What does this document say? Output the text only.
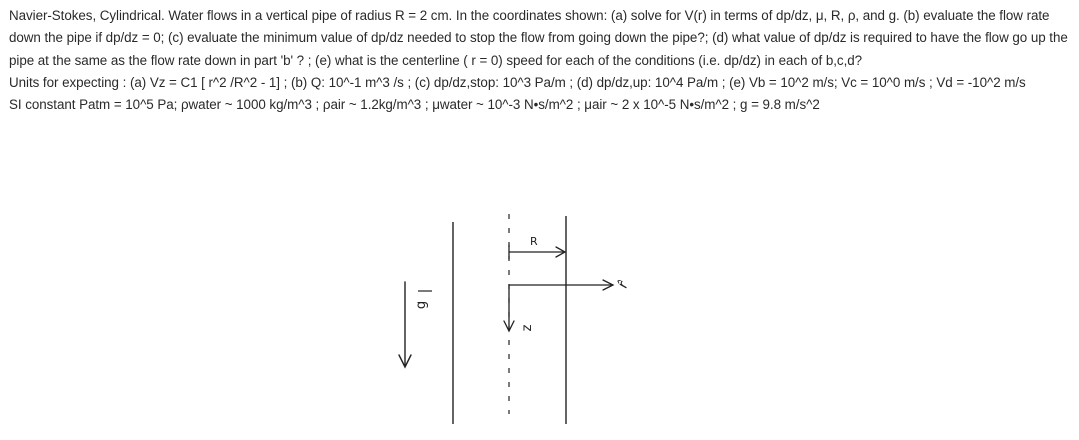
Navier-Stokes, Cylindrical. Water flows in a vertical pipe of radius R = 2 cm. In the coordinates shown: (a) solve for V(r) in terms of dp/dz, μ, R, ρ, and g. (b) evaluate the flow rate down the pipe if dp/dz = 0; (c) evaluate the minimum value of dp/dz needed to stop the flow from going down the pipe?; (d) what value of dp/dz is required to have the flow go up the pipe at the same as the flow rate down in part 'b' ? ; (e) what is the centerline ( r = 0) speed for each of the conditions (i.e. dp/dz) in each of b,c,d?

Units for expecting : (a) Vz = C1 [ r^2 /R^2 - 1] ; (b) Q: 10^-1 m^3 /s ; (c) dp/dz,stop: 10^3 Pa/m ; (d) dp/dz,up: 10^4 Pa/m ; (e) Vb = 10^2 m/s; Vc = 10^0 m/s ; Vd = -10^2 m/s

SI constant Patm = 10^5 Pa; ρwater ~ 1000 kg/m^3 ; ρair ~ 1.2kg/m^3 ; μwater ~ 10^-3 N•s/m^2 ; μair ~ 2 x 10^-5 N•s/m^2 ; g = 9.8 m/s^2

g
R
r̂
z
